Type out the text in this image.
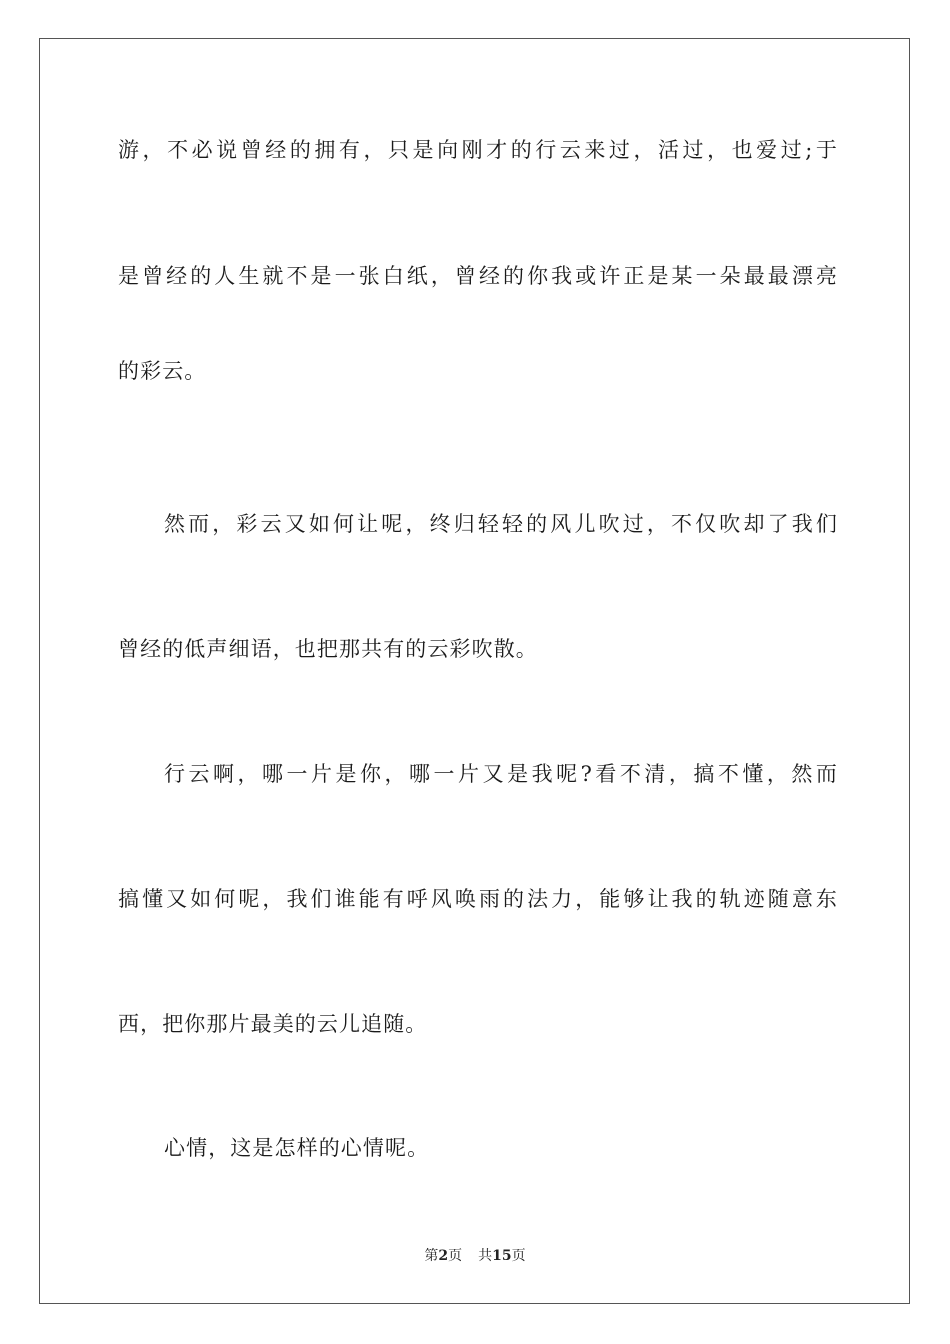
游，不必说曾经的拥有，只是向刚才的行云来过，活过，也爱过;于
是曾经的人生就不是一张白纸，曾经的你我或许正是某一朵最最漂亮
的彩云。
然而，彩云又如何让呢，终归轻轻的风儿吹过，不仅吹却了我们
曾经的低声细语，也把那共有的云彩吹散。
行云啊，哪一片是你，哪一片又是我呢?看不清，搞不懂，然而
搞懂又如何呢，我们谁能有呼风唤雨的法力，能够让我的轨迹随意东
西，把你那片最美的云儿追随。
心情，这是怎样的心情呢。
第2页 共15页
